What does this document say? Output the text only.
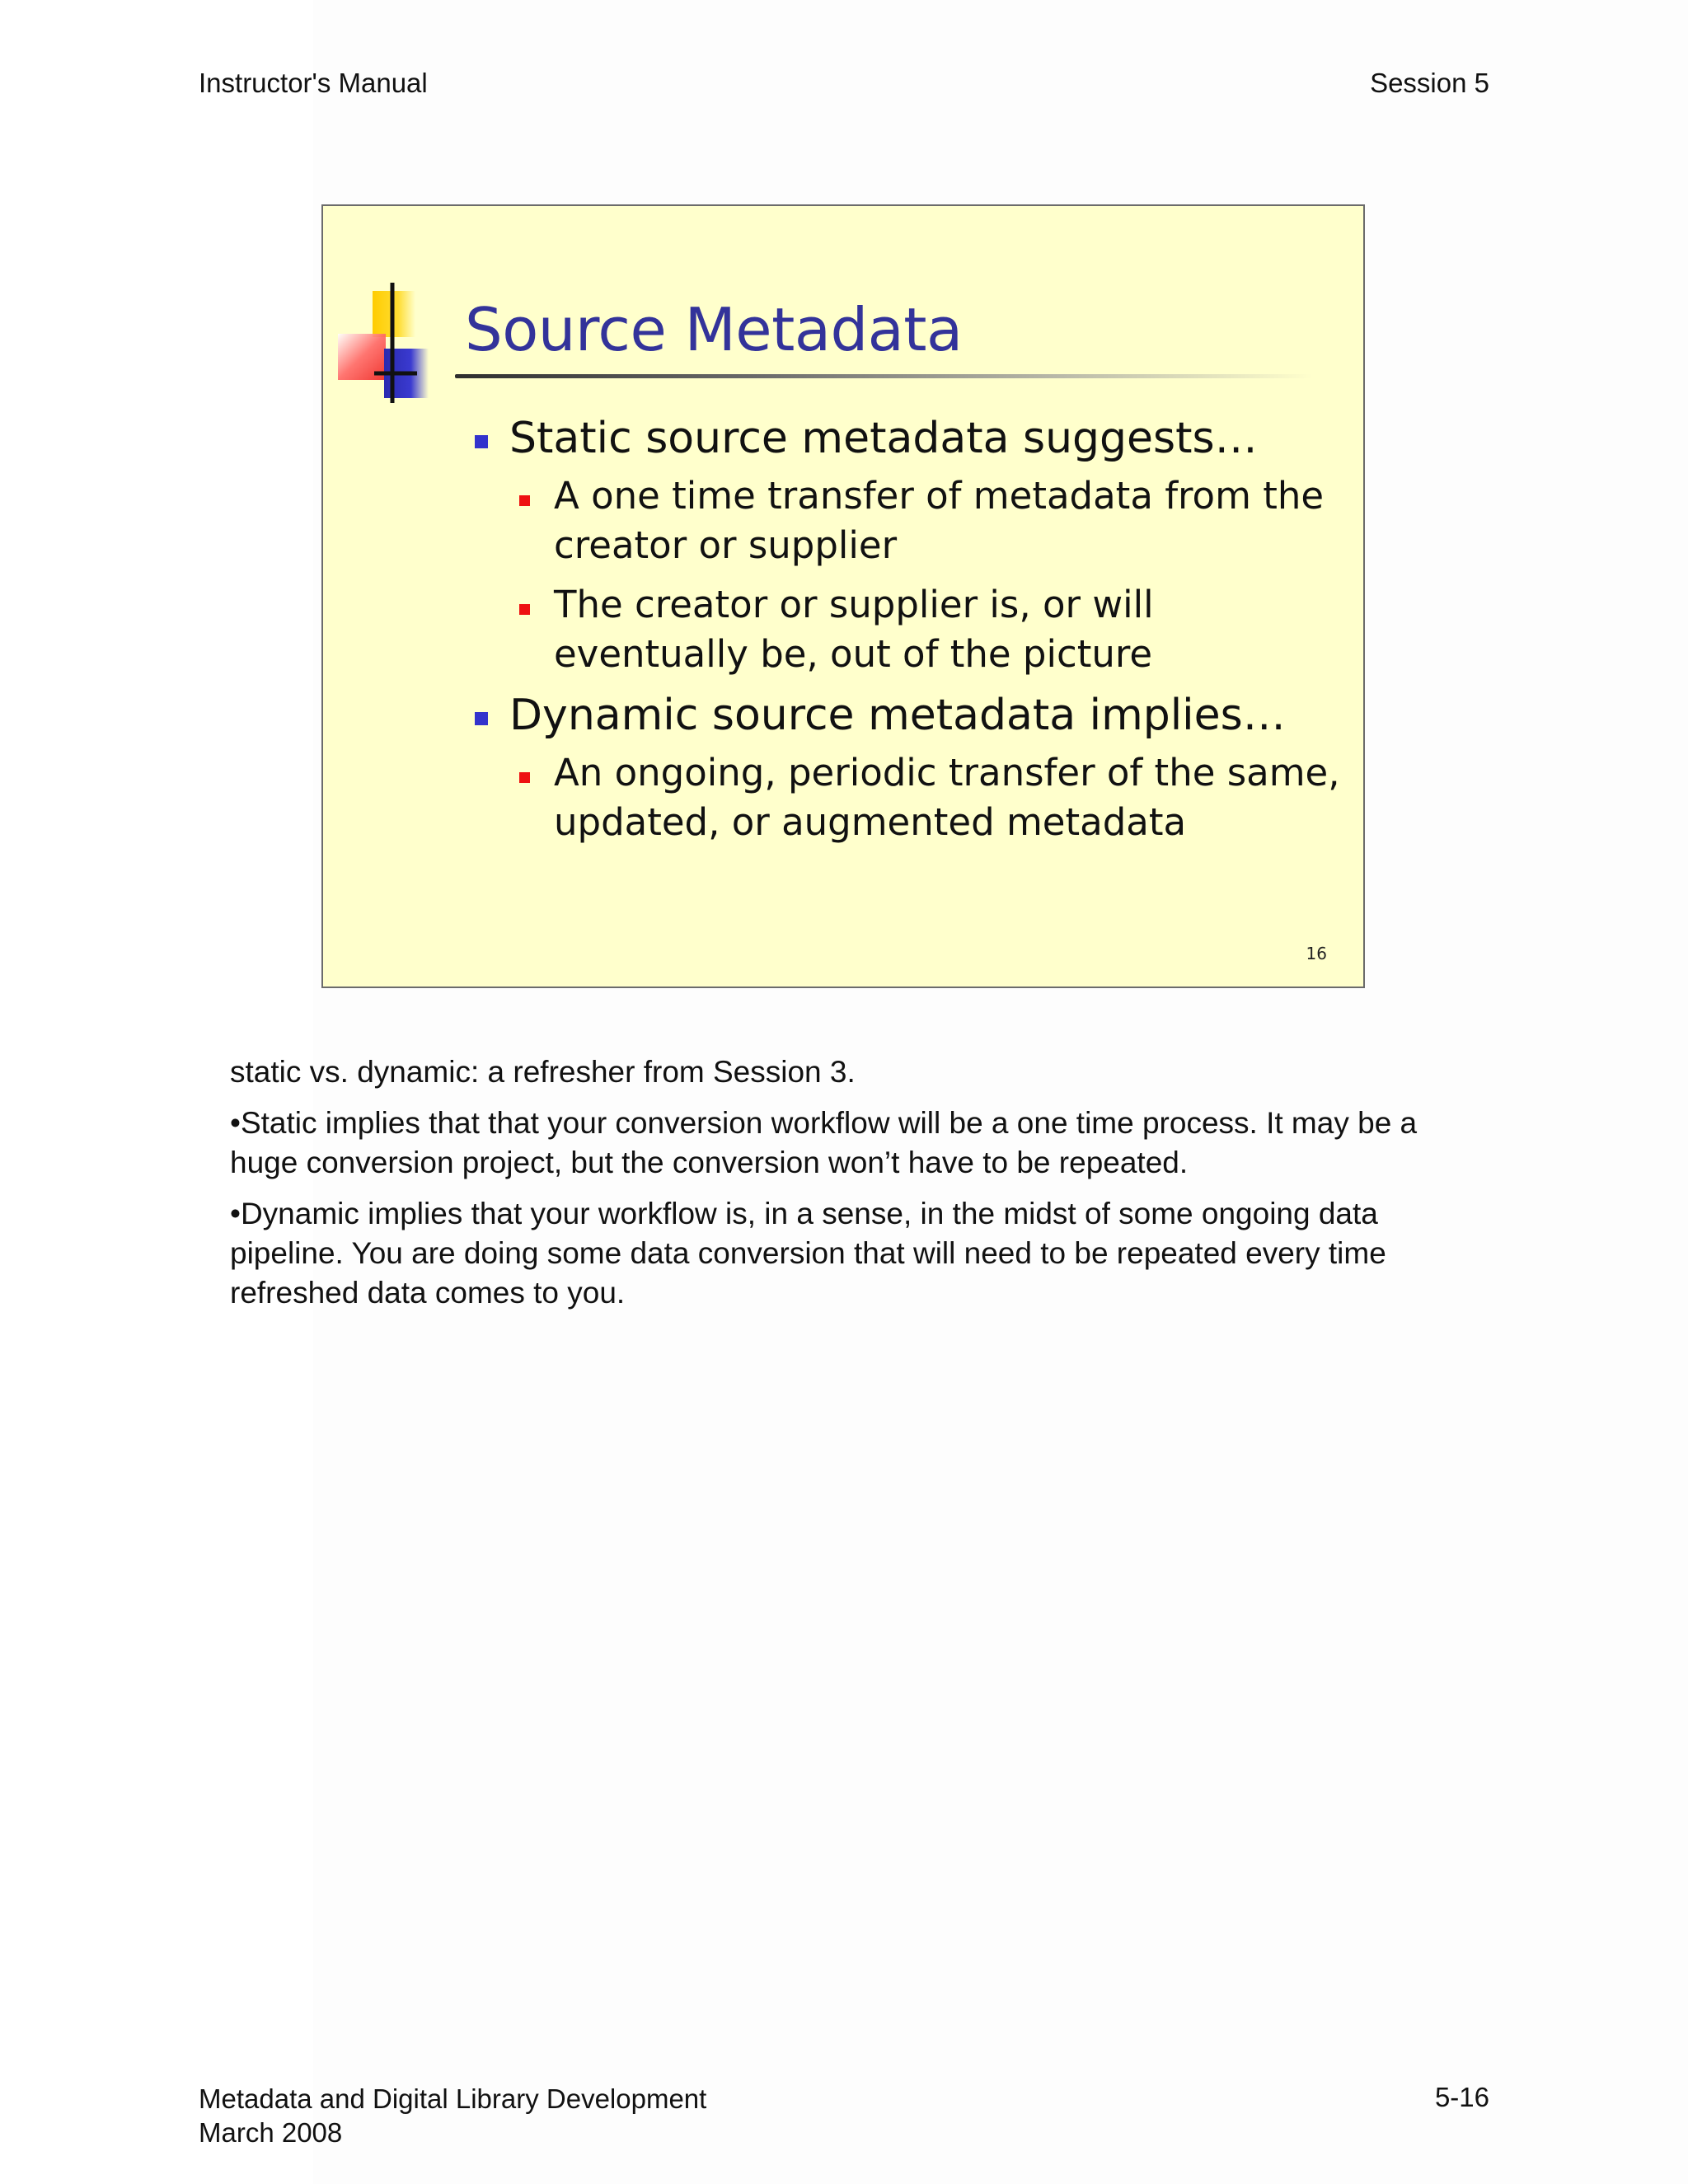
Instructor's Manual	Session 5
Source Metadata
Static source metadata suggests…
A one time transfer of metadata from the creator or supplier
The creator or supplier is, or will eventually be, out of the picture
Dynamic source metadata implies…
An ongoing, periodic transfer of the same, updated, or augmented metadata
16

static vs. dynamic: a refresher from Session 3.

•Static implies that that your conversion workflow will be a one time process. It may be a huge conversion project, but the conversion won’t have to be repeated.

•Dynamic implies that your workflow is, in a sense, in the midst of some ongoing data pipeline. You are doing some data conversion that will need to be repeated every time refreshed data comes to you.

Metadata and Digital Library Development
March 2008
5-16
